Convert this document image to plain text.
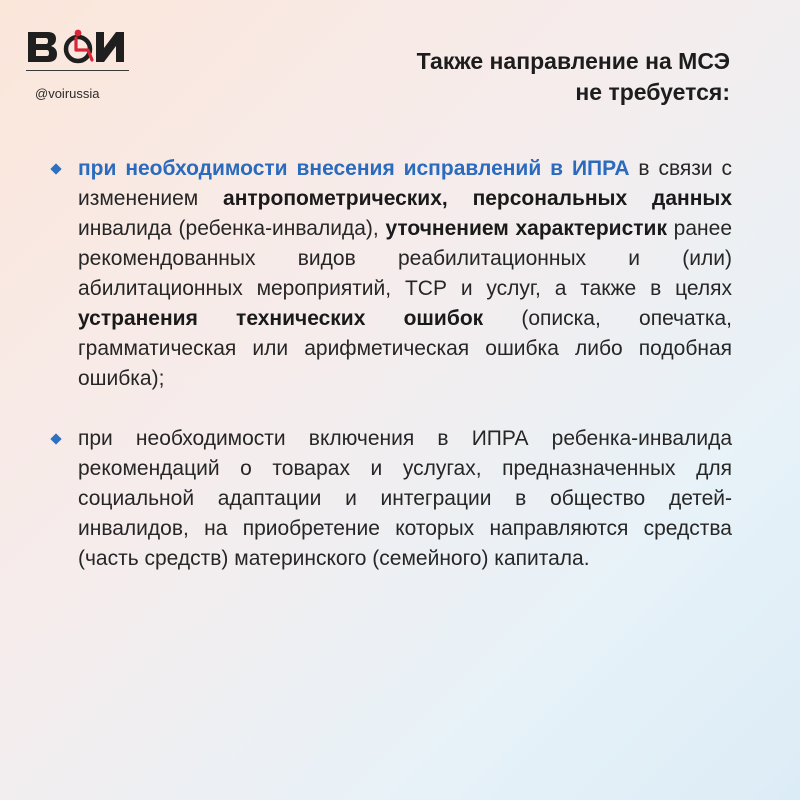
@voirussia
Также направление на МСЭ
не требуется:
при необходимости внесения исправлений в ИПРА в связи с изменением антропометрических, персональных данных инвалида (ребенка-инвалида), уточнением характеристик ранее рекомендованных видов реабилитационных и (или) абилитационных мероприятий, ТСР и услуг, а также в целях устранения технических ошибок (описка, опечатка, грамматическая или арифметическая ошибка либо подобная ошибка);
при необходимости включения в ИПРА ребенка-инвалида рекомендаций о товарах и услугах, предназначенных для социальной адаптации и интеграции в общество детей-инвалидов, на приобретение которых направляются средства (часть средств) материнского (семейного) капитала.
